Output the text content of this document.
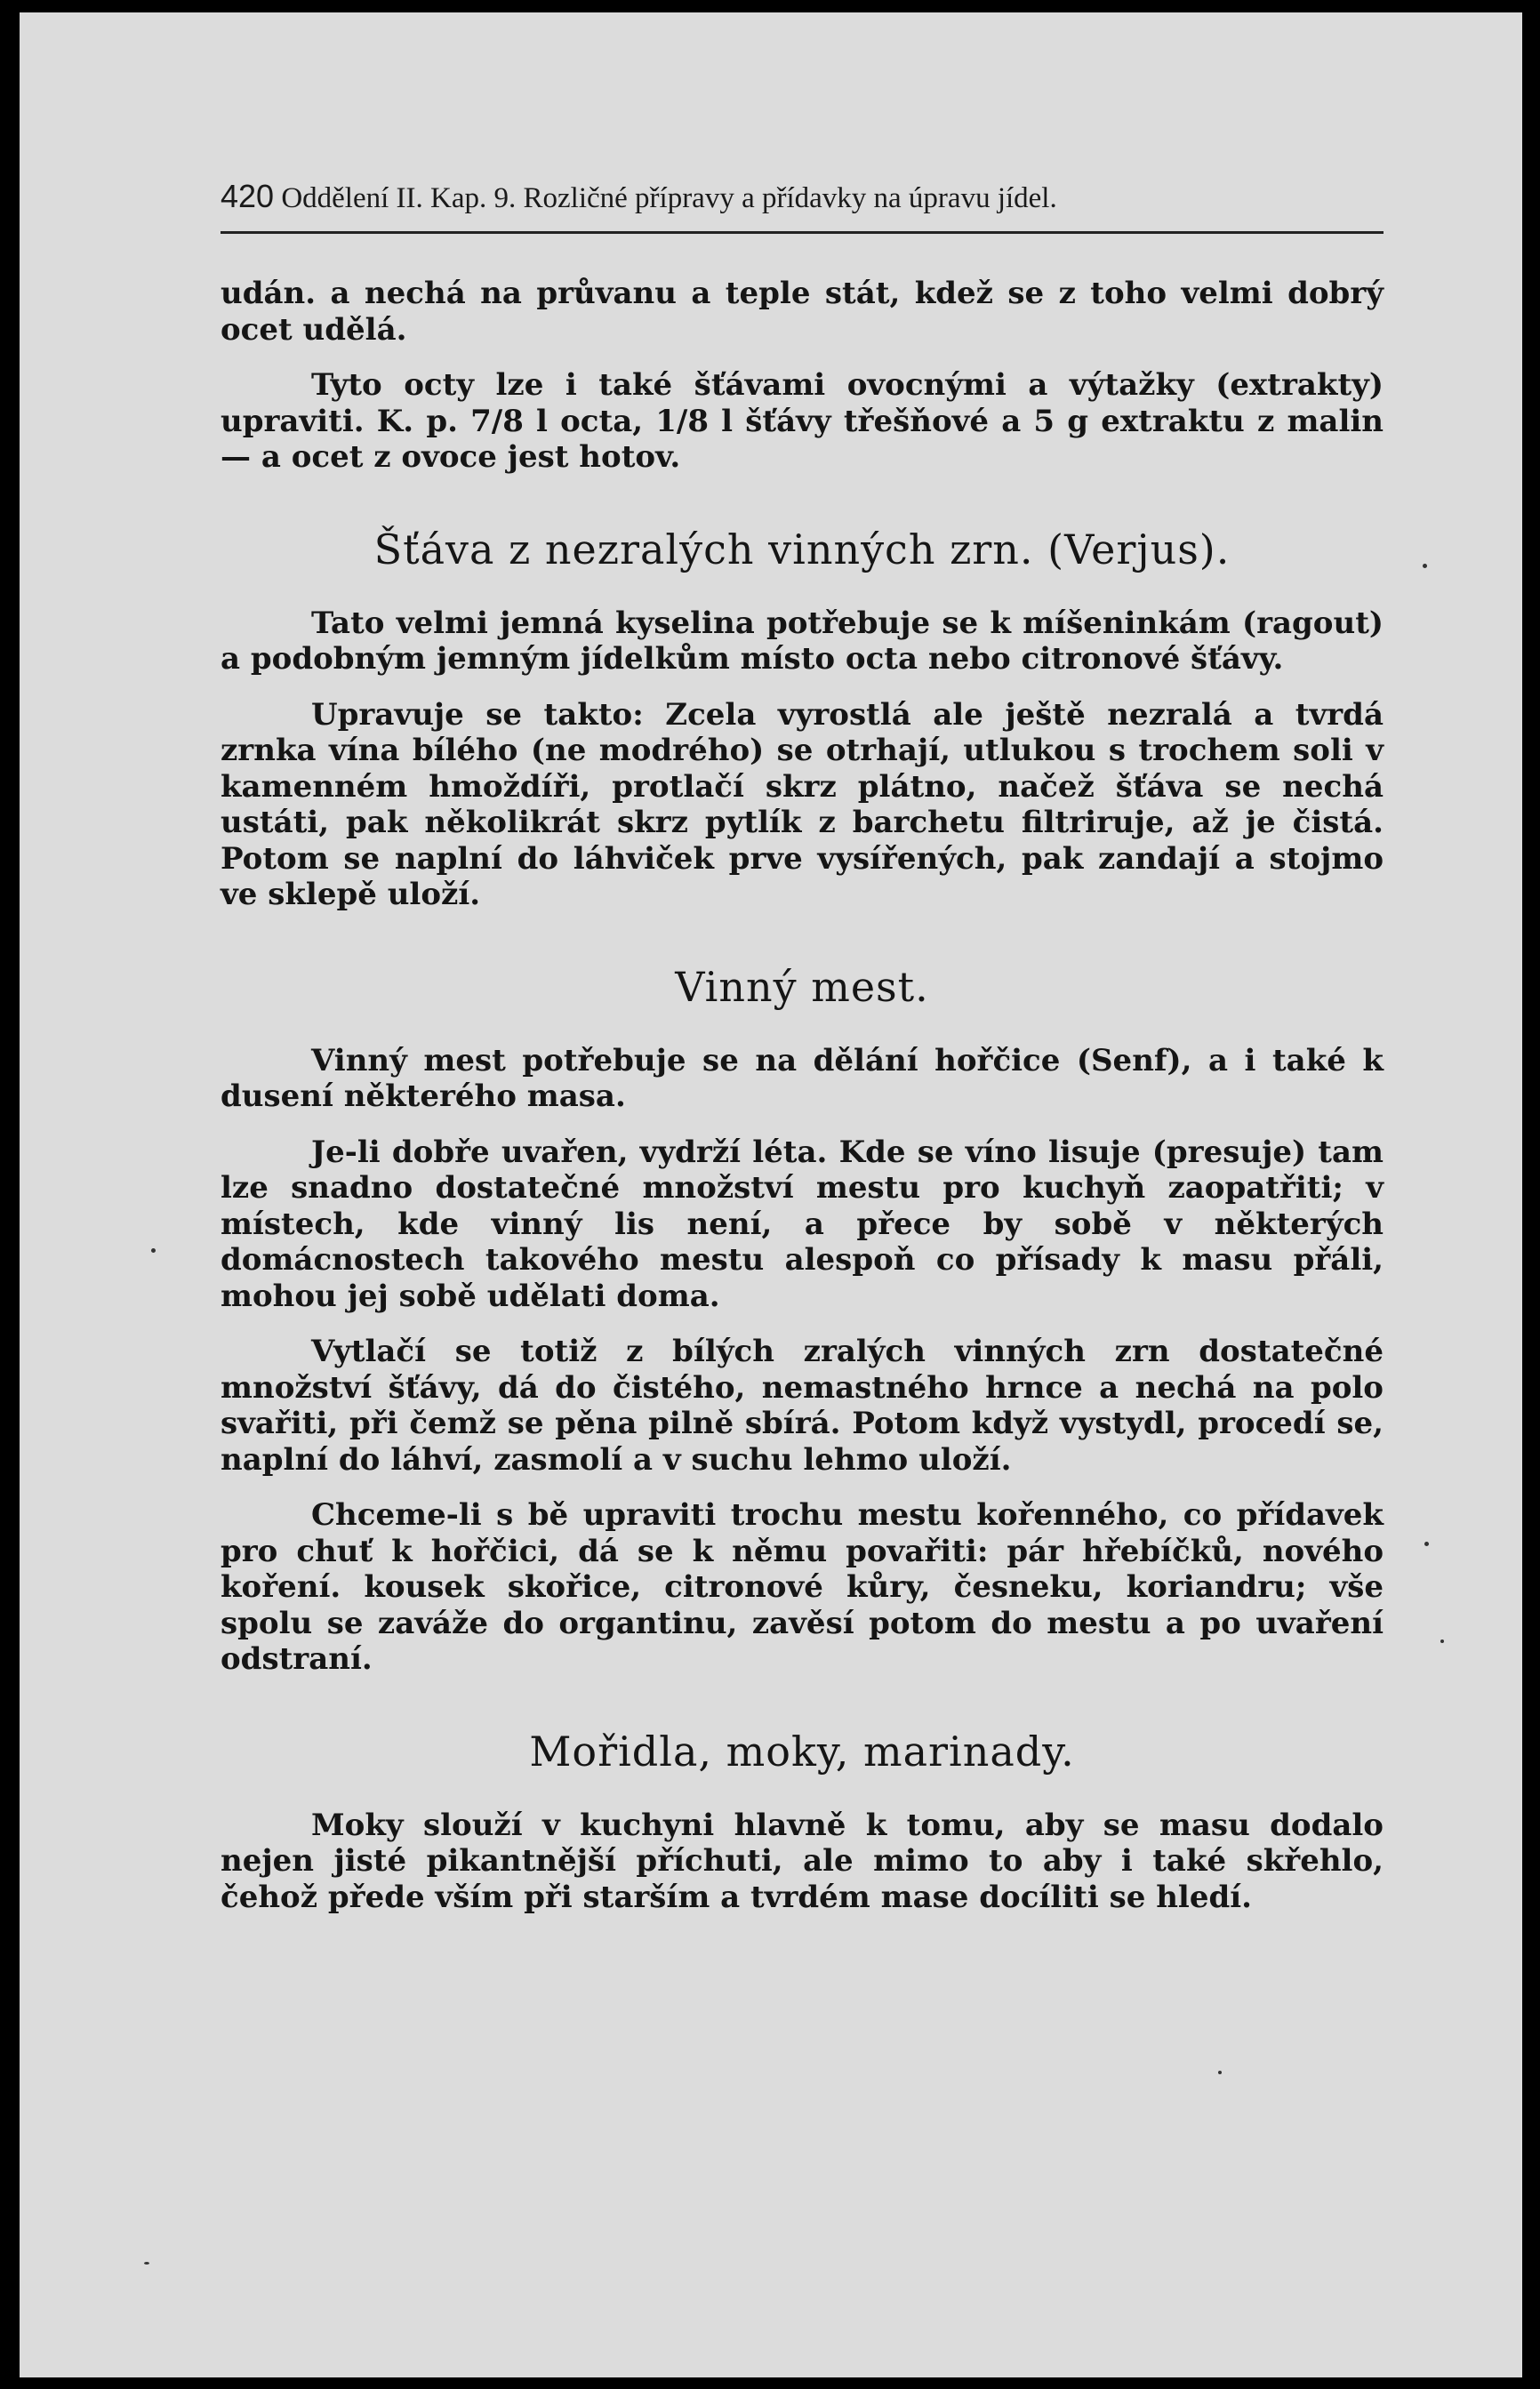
420 Oddělení II. Kap. 9. Rozličné přípravy a přídavky na úpravu jídel.

udán. a nechá na průvanu a teple stát, kdež se z toho velmi dobrý ocet udělá.

Tyto octy lze i také šťávami ovocnými a výtažky (extrakty) upraviti. K. p. 7/8 l octa, 1/8 l šťávy třešňové a 5 g extraktu z malin — a ocet z ovoce jest hotov.

Šťáva z nezralých vinných zrn. (Verjus).

Tato velmi jemná kyselina potřebuje se k míšeninkám (ragout) a podobným jemným jídelkům místo octa nebo citronové šťávy.

Upravuje se takto: Zcela vyrostlá ale ještě nezralá a tvrdá zrnka vína bílého (ne modrého) se otrhají, utlukou s trochem soli v kamenném hmoždíři, protlačí skrz plátno, načež šťáva se nechá ustáti, pak několikrát skrz pytlík z barchetu filtriruje, až je čistá. Potom se naplní do láhviček prve vysířených, pak zandají a stojmo ve sklepě uloží.

Vinný mest.

Vinný mest potřebuje se na dělání hořčice (Senf), a i také k dusení některého masa.

Je-li dobře uvařen, vydrží léta. Kde se víno lisuje (presuje) tam lze snadno dostatečné množství mestu pro kuchyň zaopatřiti; v místech, kde vinný lis není, a přece by sobě v některých domácnostech takového mestu alespoň co přísady k masu přáli, mohou jej sobě udělati doma.

Vytlačí se totiž z bílých zralých vinných zrn dostatečné množství šťávy, dá do čistého, nemastného hrnce a nechá na polo svařiti, při čemž se pěna pilně sbírá. Potom když vystydl, procedí se, naplní do láhví, zasmolí a v suchu lehmo uloží.

Chceme-li s bě upraviti trochu mestu kořenného, co přídavek pro chuť k hořčici, dá se k němu povařiti: pár hřebíčků, nového koření. kousek skořice, citronové kůry, česneku, koriandru; vše spolu se zaváže do organtinu, zavěsí potom do mestu a po uvaření odstraní.

Mořidla, moky, marinady.

Moky slouží v kuchyni hlavně k tomu, aby se masu dodalo nejen jisté pikantnější příchuti, ale mimo to aby i také skřehlo, čehož přede vším při starším a tvrdém mase docíliti se hledí.
